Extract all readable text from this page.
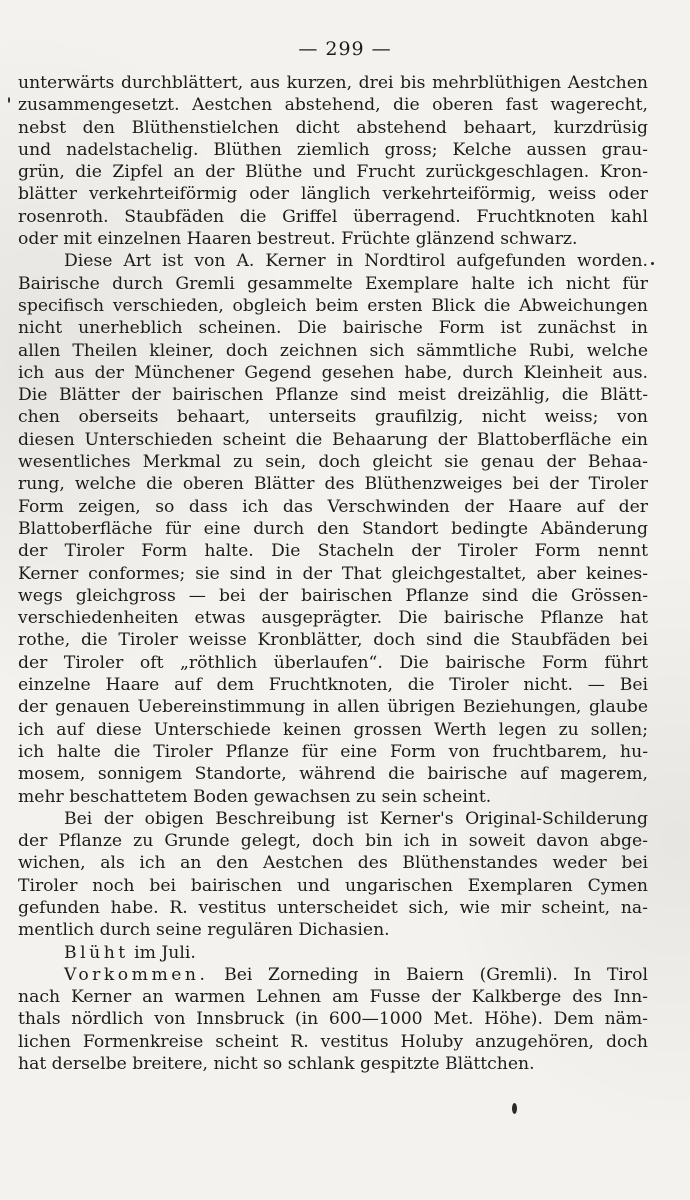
— 299 —
unterwärts durchblättert, aus kurzen, drei bis mehrblüthigen Aestchen
zusammengesetzt. Aestchen abstehend, die oberen fast wagerecht,
nebst den Blüthenstielchen dicht abstehend behaart, kurzdrüsig
und nadelstachelig. Blüthen ziemlich gross; Kelche aussen grau-
grün, die Zipfel an der Blüthe und Frucht zurückgeschlagen. Kron-
blätter verkehrteiförmig oder länglich verkehrteiförmig, weiss oder
rosenroth. Staubfäden die Griffel überragend. Fruchtknoten kahl
oder mit einzelnen Haaren bestreut. Früchte glänzend schwarz.
Diese Art ist von A. Kerner in Nordtirol aufgefunden worden.
Bairische durch Gremli gesammelte Exemplare halte ich nicht für
specifisch verschieden, obgleich beim ersten Blick die Abweichungen
nicht unerheblich scheinen. Die bairische Form ist zunächst in
allen Theilen kleiner, doch zeichnen sich sämmtliche Rubi, welche
ich aus der Münchener Gegend gesehen habe, durch Kleinheit aus.
Die Blätter der bairischen Pflanze sind meist dreizählig, die Blätt-
chen oberseits behaart, unterseits graufilzig, nicht weiss; von
diesen Unterschieden scheint die Behaarung der Blattoberfläche ein
wesentliches Merkmal zu sein, doch gleicht sie genau der Behaa-
rung, welche die oberen Blätter des Blüthenzweiges bei der Tiroler
Form zeigen, so dass ich das Verschwinden der Haare auf der
Blattoberfläche für eine durch den Standort bedingte Abänderung
der Tiroler Form halte. Die Stacheln der Tiroler Form nennt
Kerner conformes; sie sind in der That gleichgestaltet, aber keines-
wegs gleichgross — bei der bairischen Pflanze sind die Grössen-
verschiedenheiten etwas ausgeprägter. Die bairische Pflanze hat
rothe, die Tiroler weisse Kronblätter, doch sind die Staubfäden bei
der Tiroler oft „röthlich überlaufen“. Die bairische Form führt
einzelne Haare auf dem Fruchtknoten, die Tiroler nicht. — Bei
der genauen Uebereinstimmung in allen übrigen Beziehungen, glaube
ich auf diese Unterschiede keinen grossen Werth legen zu sollen;
ich halte die Tiroler Pflanze für eine Form von fruchtbarem, hu-
mosem, sonnigem Standorte, während die bairische auf magerem,
mehr beschattetem Boden gewachsen zu sein scheint.
Bei der obigen Beschreibung ist Kerner's Original-Schilderung
der Pflanze zu Grunde gelegt, doch bin ich in soweit davon abge-
wichen, als ich an den Aestchen des Blüthenstandes weder bei
Tiroler noch bei bairischen und ungarischen Exemplaren Cymen
gefunden habe. R. vestitus unterscheidet sich, wie mir scheint, na-
mentlich durch seine regulären Dichasien.
Blüht im Juli.
Vorkommen. Bei Zorneding in Baiern (Gremli). In Tirol
nach Kerner an warmen Lehnen am Fusse der Kalkberge des Inn-
thals nördlich von Innsbruck (in 600—1000 Met. Höhe). Dem näm-
lichen Formenkreise scheint R. vestitus Holuby anzugehören, doch
hat derselbe breitere, nicht so schlank gespitzte Blättchen.
